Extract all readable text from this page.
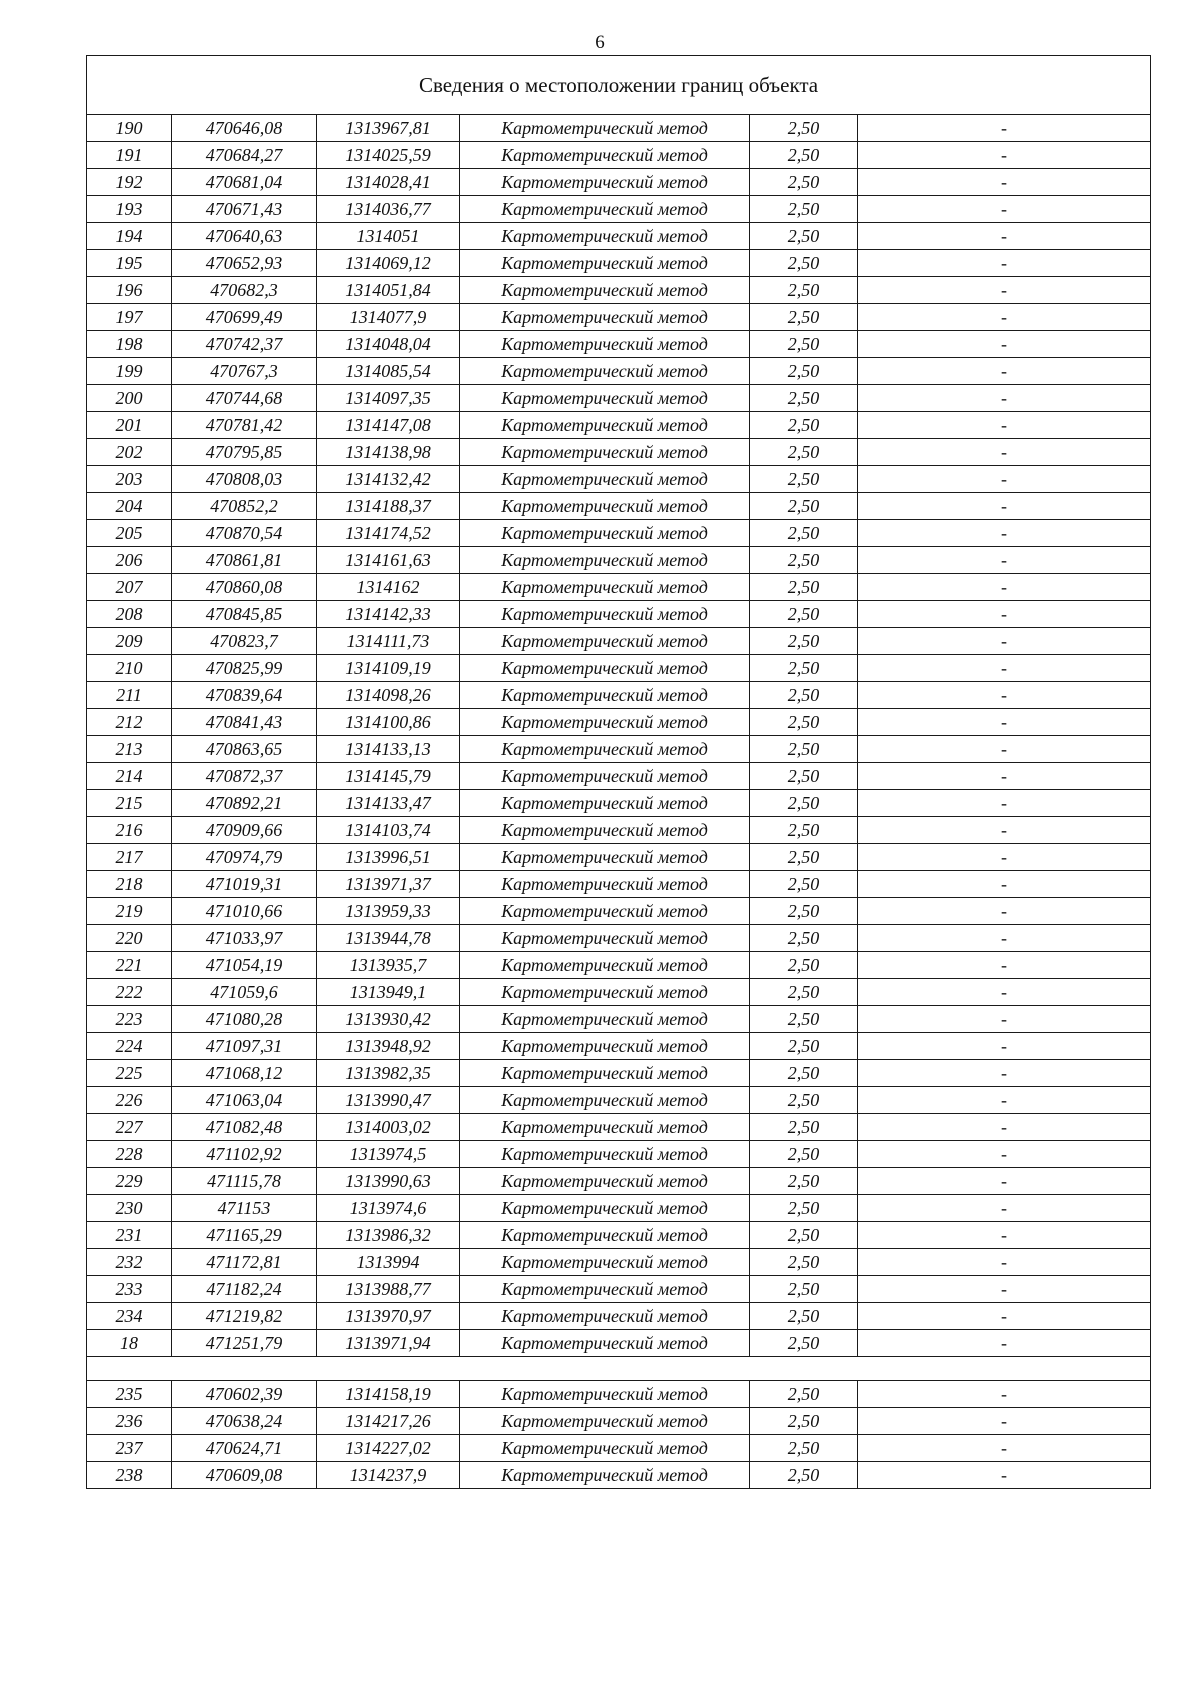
6
Сведения о местоположении границ объекта					
190	470646,08	1313967,81	Картометрический метод	2,50	-
191	470684,27	1314025,59	Картометрический метод	2,50	-
192	470681,04	1314028,41	Картометрический метод	2,50	-
193	470671,43	1314036,77	Картометрический метод	2,50	-
194	470640,63	1314051	Картометрический метод	2,50	-
195	470652,93	1314069,12	Картометрический метод	2,50	-
196	470682,3	1314051,84	Картометрический метод	2,50	-
197	470699,49	1314077,9	Картометрический метод	2,50	-
198	470742,37	1314048,04	Картометрический метод	2,50	-
199	470767,3	1314085,54	Картометрический метод	2,50	-
200	470744,68	1314097,35	Картометрический метод	2,50	-
201	470781,42	1314147,08	Картометрический метод	2,50	-
202	470795,85	1314138,98	Картометрический метод	2,50	-
203	470808,03	1314132,42	Картометрический метод	2,50	-
204	470852,2	1314188,37	Картометрический метод	2,50	-
205	470870,54	1314174,52	Картометрический метод	2,50	-
206	470861,81	1314161,63	Картометрический метод	2,50	-
207	470860,08	1314162	Картометрический метод	2,50	-
208	470845,85	1314142,33	Картометрический метод	2,50	-
209	470823,7	1314111,73	Картометрический метод	2,50	-
210	470825,99	1314109,19	Картометрический метод	2,50	-
211	470839,64	1314098,26	Картометрический метод	2,50	-
212	470841,43	1314100,86	Картометрический метод	2,50	-
213	470863,65	1314133,13	Картометрический метод	2,50	-
214	470872,37	1314145,79	Картометрический метод	2,50	-
215	470892,21	1314133,47	Картометрический метод	2,50	-
216	470909,66	1314103,74	Картометрический метод	2,50	-
217	470974,79	1313996,51	Картометрический метод	2,50	-
218	471019,31	1313971,37	Картометрический метод	2,50	-
219	471010,66	1313959,33	Картометрический метод	2,50	-
220	471033,97	1313944,78	Картометрический метод	2,50	-
221	471054,19	1313935,7	Картометрический метод	2,50	-
222	471059,6	1313949,1	Картометрический метод	2,50	-
223	471080,28	1313930,42	Картометрический метод	2,50	-
224	471097,31	1313948,92	Картометрический метод	2,50	-
225	471068,12	1313982,35	Картометрический метод	2,50	-
226	471063,04	1313990,47	Картометрический метод	2,50	-
227	471082,48	1314003,02	Картометрический метод	2,50	-
228	471102,92	1313974,5	Картометрический метод	2,50	-
229	471115,78	1313990,63	Картометрический метод	2,50	-
230	471153	1313974,6	Картометрический метод	2,50	-
231	471165,29	1313986,32	Картометрический метод	2,50	-
232	471172,81	1313994	Картометрический метод	2,50	-
233	471182,24	1313988,77	Картометрический метод	2,50	-
234	471219,82	1313970,97	Картометрический метод	2,50	-
18	471251,79	1313971,94	Картометрический метод	2,50	-

235	470602,39	1314158,19	Картометрический метод	2,50	-
236	470638,24	1314217,26	Картометрический метод	2,50	-
237	470624,71	1314227,02	Картометрический метод	2,50	-
238	470609,08	1314237,9	Картометрический метод	2,50	-
